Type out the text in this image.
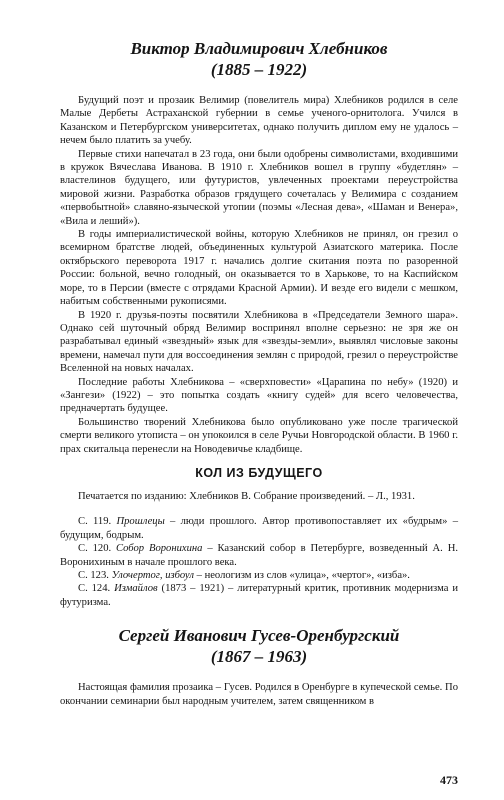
Виктор Владимирович Хлебников
(1885 – 1922)

Будущий поэт и прозаик Велимир (повелитель мира) Хлебников родился в селе Малые Дербеты Астраханской губернии в семье ученого-орнитолога. Учился в Казанском и Петербургском университетах, однако получить диплом ему не удалось – нечем было платить за учебу.

Первые стихи напечатал в 23 года, они были одобрены символистами, входившими в кружок Вячеслава Иванова. В 1910 г. Хлебников вошел в группу «будетлян» – властелинов будущего, или футуристов, увлеченных проектами переустройства мировой жизни. Разработка образов грядущего сочеталась у Велимира с созданием «первобытной» славяно-языческой утопии (поэмы «Лесная дева», «Шаман и Венера», «Вила и леший»).

В годы империалистической войны, которую Хлебников не принял, он грезил о всемирном братстве людей, объединенных культурой Азиатского материка. После октябрьского переворота 1917 г. начались долгие скитания поэта по разоренной России: больной, вечно голодный, он оказывается то в Харькове, то на Каспийском море, то в Персии (вместе с отрядами Красной Армии). И везде его видели с мешком, набитым собственными рукописями.

В 1920 г. друзья-поэты посвятили Хлебникова в «Председатели Земного шара». Однако сей шуточный обряд Велимир воспринял вполне серьезно: не зря же он разрабатывал единый «звездный» язык для «звезды-земли», выявлял числовые законы времени, намечал пути для воссоединения землян с природой, грезил о переустройстве Вселенной на новых началах.

Последние работы Хлебникова – «сверхповести» «Царапина по небу» (1920) и «Зангези» (1922) – это попытка создать «книгу судей» для всего человечества, предначертать будущее.

Большинство творений Хлебникова было опубликовано уже после трагической смерти великого утописта – он упокоился в селе Ручьи Новгородской области. В 1960 г. прах скитальца перенесли на Новодевичье кладбище.

КОЛ ИЗ БУДУЩЕГО

Печатается по изданию: Хлебников В. Собрание произведений. – Л., 1931.

С. 119. Прошлецы – люди прошлого. Автор противопоставляет их «будрым» – будущим, бодрым.

С. 120. Собор Воронихина – Казанский собор в Петербурге, возведенный А. Н. Воронихиным в начале прошлого века.

С. 123. Улочертог, избоул – неологизм из слов «улица», «чертог», «изба».

С. 124. Измайлов (1873 – 1921) – литературный критик, противник модернизма и футуризма.

Сергей Иванович Гусев-Оренбургский
(1867 – 1963)

Настоящая фамилия прозаика – Гусев. Родился в Оренбурге в купеческой семье. По окончании семинарии был народным учителем, затем священником в

473
